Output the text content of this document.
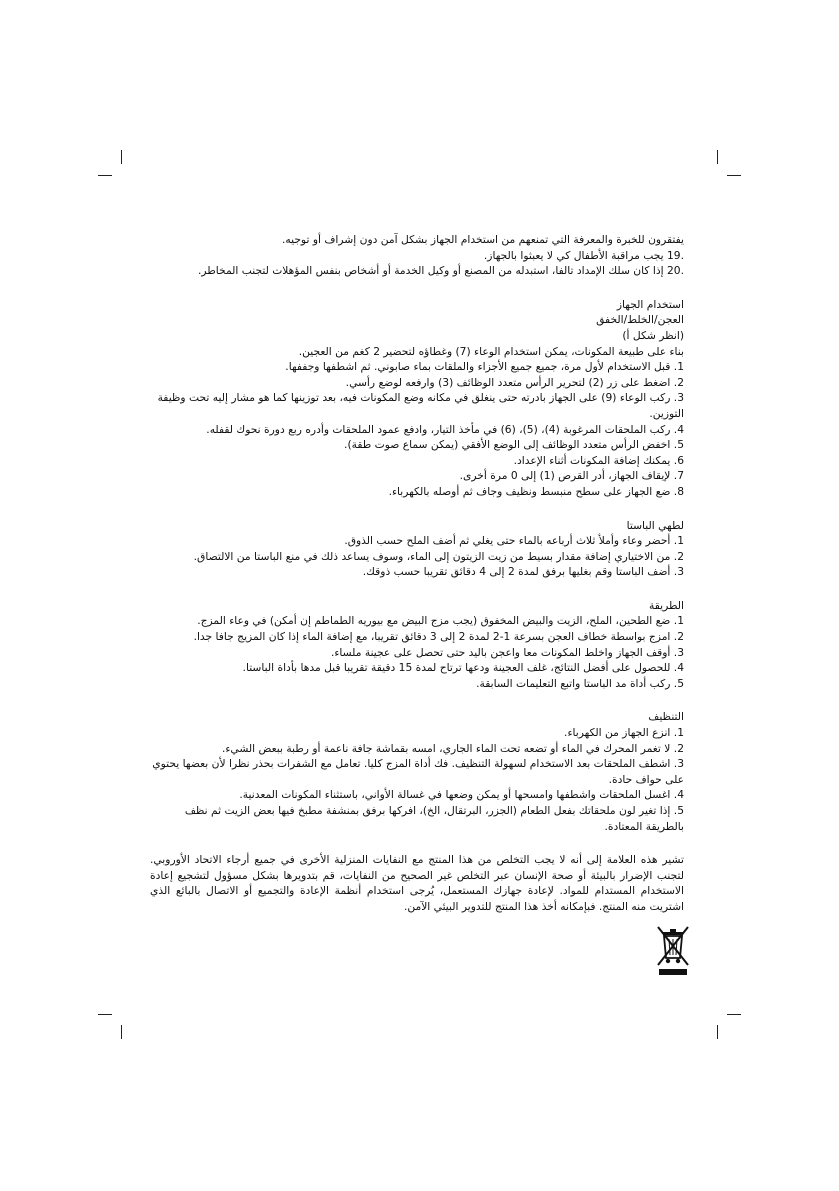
يفتقرون للخبرة والمعرفة التي تمنعهم من استخدام الجهاز بشكل آمن دون إشراف أو توجيه.
.19 يجب مراقبة الأطفال كي لا يعبثوا بالجهاز.
.20 إذا كان سلك الإمداد تالفا، استبدله من المصنع أو وكيل الخدمة أو أشخاص بنفس المؤهلات لتجنب المخاطر.
استخدام الجهاز
العجن/الخلط/الخفق
(انظر شكل أ)
بناء على طبيعة المكونات، يمكن استخدام الوعاء (7) وغطاؤه لتحضير 2 كغم من العجين.
1. قبل الاستخدام لأول مرة، جميع جميع الأجزاء والملقات بماء صابوني. ثم اشطفها وجففها.
2. اضغط على زر (2) لتحرير الرأس متعدد الوظائف (3) وارفعه لوضع رأسي.
3. ركب الوعاء (9) على الجهاز بادرته حتى ينغلق في مكانه وضع المكونات فيه، بعد توزينها كما هو مشار إليه تحت وظيفة التوزين.
4. ركب الملحقات المرغوبة (4)، (5)، (6) في مأخذ التيار، وادفع عمود الملحقات وأدره ربع دورة نحوك لقفله.
5. اخفض الرأس متعدد الوظائف إلى الوضع الأفقي (يمكن سماع صوت طقة).
6. يمكنك إضافة المكونات أثناء الإعداد.
7. لإيقاف الجهاز، أدر القرص (1) إلى 0 مرة أخرى.
8. ضع الجهاز على سطح منبسط ونظيف وجاف ثم أوصله بالكهرباء.
لطهي الباستا
1. أحضر وعاء وأملأ ثلاث أرباعه بالماء حتى يغلي ثم أضف الملح حسب الذوق.
2. من الاختياري إضافة مقدار بسيط من زيت الزيتون إلى الماء، وسوف يساعد ذلك في منع الباستا من الالتصاق.
3. أضف الباستا وقم بغليها برفق لمدة 2 إلى 4 دقائق تقريبا حسب ذوقك.
الطريقة
1. ضع الطحين، الملح، الزيت والبيض المخفوق (يجب مزج البيض مع بيوريه الطماطم إن أمكن) في وعاء المزج.
2. امزج بواسطة خطاف العجن بسرعة 1-2 لمدة 2 إلى 3 دقائق تقريبا، مع إضافة الماء إذا كان المزيج جافا جدا.
3. أوقف الجهاز واخلط المكونات معا واعجن باليد حتى تحصل على عجينة ملساء.
4. للحصول على أفضل النتائج، غلف العجينة ودعها ترتاح لمدة 15 دقيقة تقريبا قبل مدها بأداة الباستا.
5. ركب أداة مد الباستا واتبع التعليمات السابقة.
التنظيف
1. انزع الجهاز من الكهرباء.
2. لا تغمر المحرك في الماء أو تضعه تحت الماء الجاري، امسه بقماشة جافة ناعمة أو رطبة ببعض الشيء.
3. اشطف الملحقات بعد الاستخدام لسهولة التنظيف. فك أداة المزج كليا. تعامل مع الشفرات بحذر نظرا لأن بعضها يحتوي على حواف حادة.
4. اغسل الملحقات واشطفها وامسحها أو يمكن وضعها في غسالة الأواني، باستثناء المكونات المعدنية.
5. إذا تغير لون ملحقاتك بفعل الطعام (الجزر، البرتقال، الخ)، افركها برفق بمنشفة مطبخ فيها بعض الزيت ثم نظف بالطريقة المعتادة.
تشير هذه العلامة إلى أنه لا يجب التخلص من هذا المنتج مع النفايات المنزلية الأخرى في جميع أرجاء الاتحاد الأوروبي. لتجنب الإضرار بالبيئة أو صحة الإنسان عبر التخلص غير الصحيح من النفايات، قم بتدويرها بشكل مسؤول لتشجيع إعادة الاستخدام المستدام للمواد. لإعادة جهازك المستعمل، يُرجى استخدام أنظمة الإعادة والتجميع أو الاتصال بالبائع الذي اشتريت منه المنتج. فبإمكانه أخذ هذا المنتج للتدوير البيئي الآمن.
